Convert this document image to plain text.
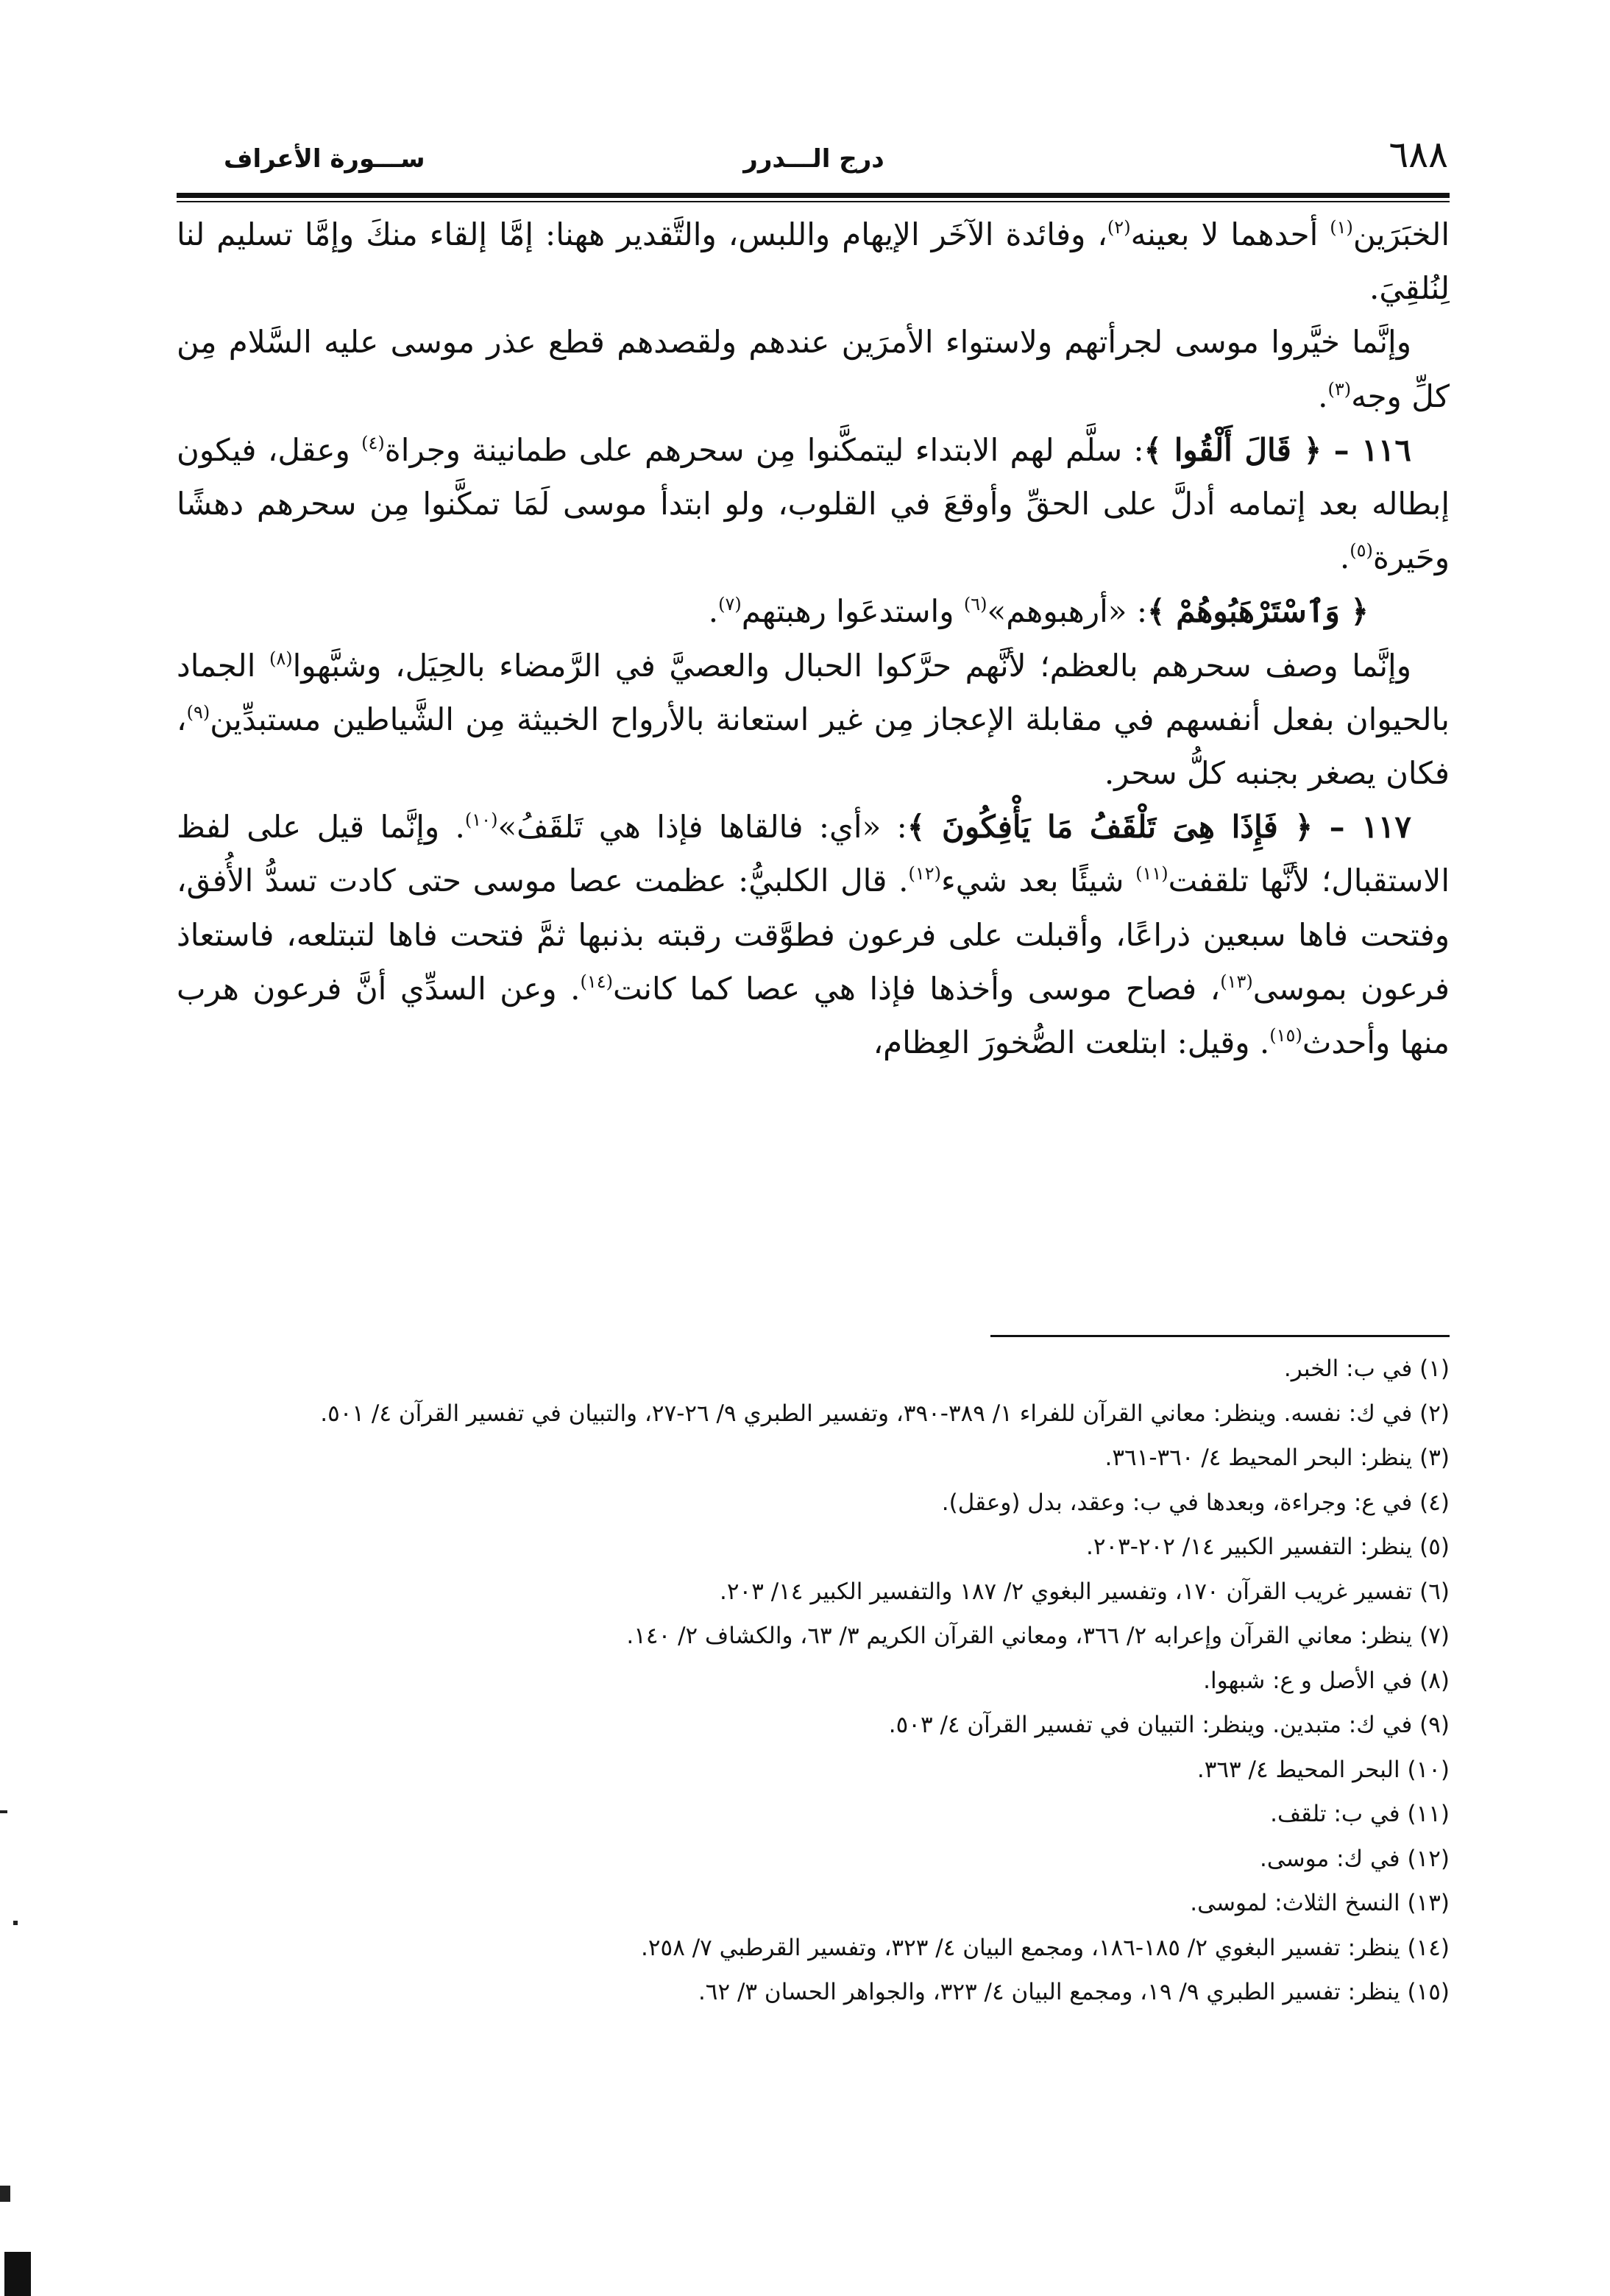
٦٨٨
درج الـــدرر
ســـورة الأعراف

الخبَرَين$^{(١)}$ أحدهما لا بعينه$^{(٢)}$، وفائدة الآخَر الإيهام واللبس، والتَّقدير ههنا: إمَّا إلقاء منكَ وإمَّا تسليم لنا لِنُلقِيَ.

وإنَّما خيَّروا موسى لجرأتهم ولاستواء الأمرَين عندهم ولقصدهم قطع عذر موسى عليه السَّلام مِن كلِّ وجه$^{(٣)}$.

١١٦ – ﴿ قَالَ أَلْقُوا ﴾: سلَّم لهم الابتداء ليتمكَّنوا مِن سحرهم على طمانينة وجراة$^{(٤)}$ وعقل، فيكون إبطاله بعد إتمامه أدلَّ على الحقِّ وأوقعَ في القلوب، ولو ابتدأ موسى لَمَا تمكَّنوا مِن سحرهم دهشًا وحَيرة$^{(٥)}$.

﴿ وَٱسْتَرْهَبُوهُمْ ﴾: «أرهبوهم»$^{(٦)}$ واستدعَوا رهبتهم$^{(٧)}$.

وإنَّما وصف سحرهم بالعظم؛ لأنَّهم حرَّكوا الحبال والعصيَّ في الرَّمضاء بالحِيَل، وشبَّهوا$^{(٨)}$ الجماد بالحيوان بفعل أنفسهم في مقابلة الإعجاز مِن غير استعانة بالأرواح الخبيثة مِن الشَّياطين مستبدِّين$^{(٩)}$، فكان يصغر بجنبه كلُّ سحر.

١١٧ – ﴿ فَإِذَا هِىَ تَلْقَفُ مَا يَأْفِكُونَ ﴾: «أي: فالقاها فإذا هي تَلقَفُ»$^{(١٠)}$. وإنَّما قيل على لفظ الاستقبال؛ لأنَّها تلقفت$^{(١١)}$ شيئًا بعد شيء$^{(١٢)}$. قال الكلبيُّ: عظمت عصا موسى حتى كادت تسدُّ الأُفق، وفتحت فاها سبعين ذراعًا، وأقبلت على فرعون فطوَّقت رقبته بذنبها ثمَّ فتحت فاها لتبتلعه، فاستعاذ فرعون بموسى$^{(١٣)}$، فصاح موسى وأخذها فإذا هي عصا كما كانت$^{(١٤)}$. وعن السدِّي أنَّ فرعون هرب منها وأحدث$^{(١٥)}$. وقيل: ابتلعت الصُّخورَ العِظام،

(١) في ب: الخبر.
(٢) في ك: نفسه. وينظر: معاني القرآن للفراء ١/ ٣٨٩-٣٩٠، وتفسير الطبري ٩/ ٢٦-٢٧، والتبيان في تفسير القرآن ٤/ ٥٠١.
(٣) ينظر: البحر المحيط ٤/ ٣٦٠-٣٦١.
(٤) في ع: وجراءة، وبعدها في ب: وعقد، بدل (وعقل).
(٥) ينظر: التفسير الكبير ١٤/ ٢٠٢-٢٠٣.
(٦) تفسير غريب القرآن ١٧٠، وتفسير البغوي ٢/ ١٨٧ والتفسير الكبير ١٤/ ٢٠٣.
(٧) ينظر: معاني القرآن وإعرابه ٢/ ٣٦٦، ومعاني القرآن الكريم ٣/ ٦٣، والكشاف ٢/ ١٤٠.
(٨) في الأصل و ع: شبهوا.
(٩) في ك: متبدين. وينظر: التبيان في تفسير القرآن ٤/ ٥٠٣.
(١٠) البحر المحيط ٤/ ٣٦٣.
(١١) في ب: تلقف.
(١٢) في ك: موسى.
(١٣) النسخ الثلاث: لموسى.
(١٤) ينظر: تفسير البغوي ٢/ ١٨٥-١٨٦، ومجمع البيان ٤/ ٣٢٣، وتفسير القرطبي ٧/ ٢٥٨.
(١٥) ينظر: تفسير الطبري ٩/ ١٩، ومجمع البيان ٤/ ٣٢٣، والجواهر الحسان ٣/ ٦٢.
